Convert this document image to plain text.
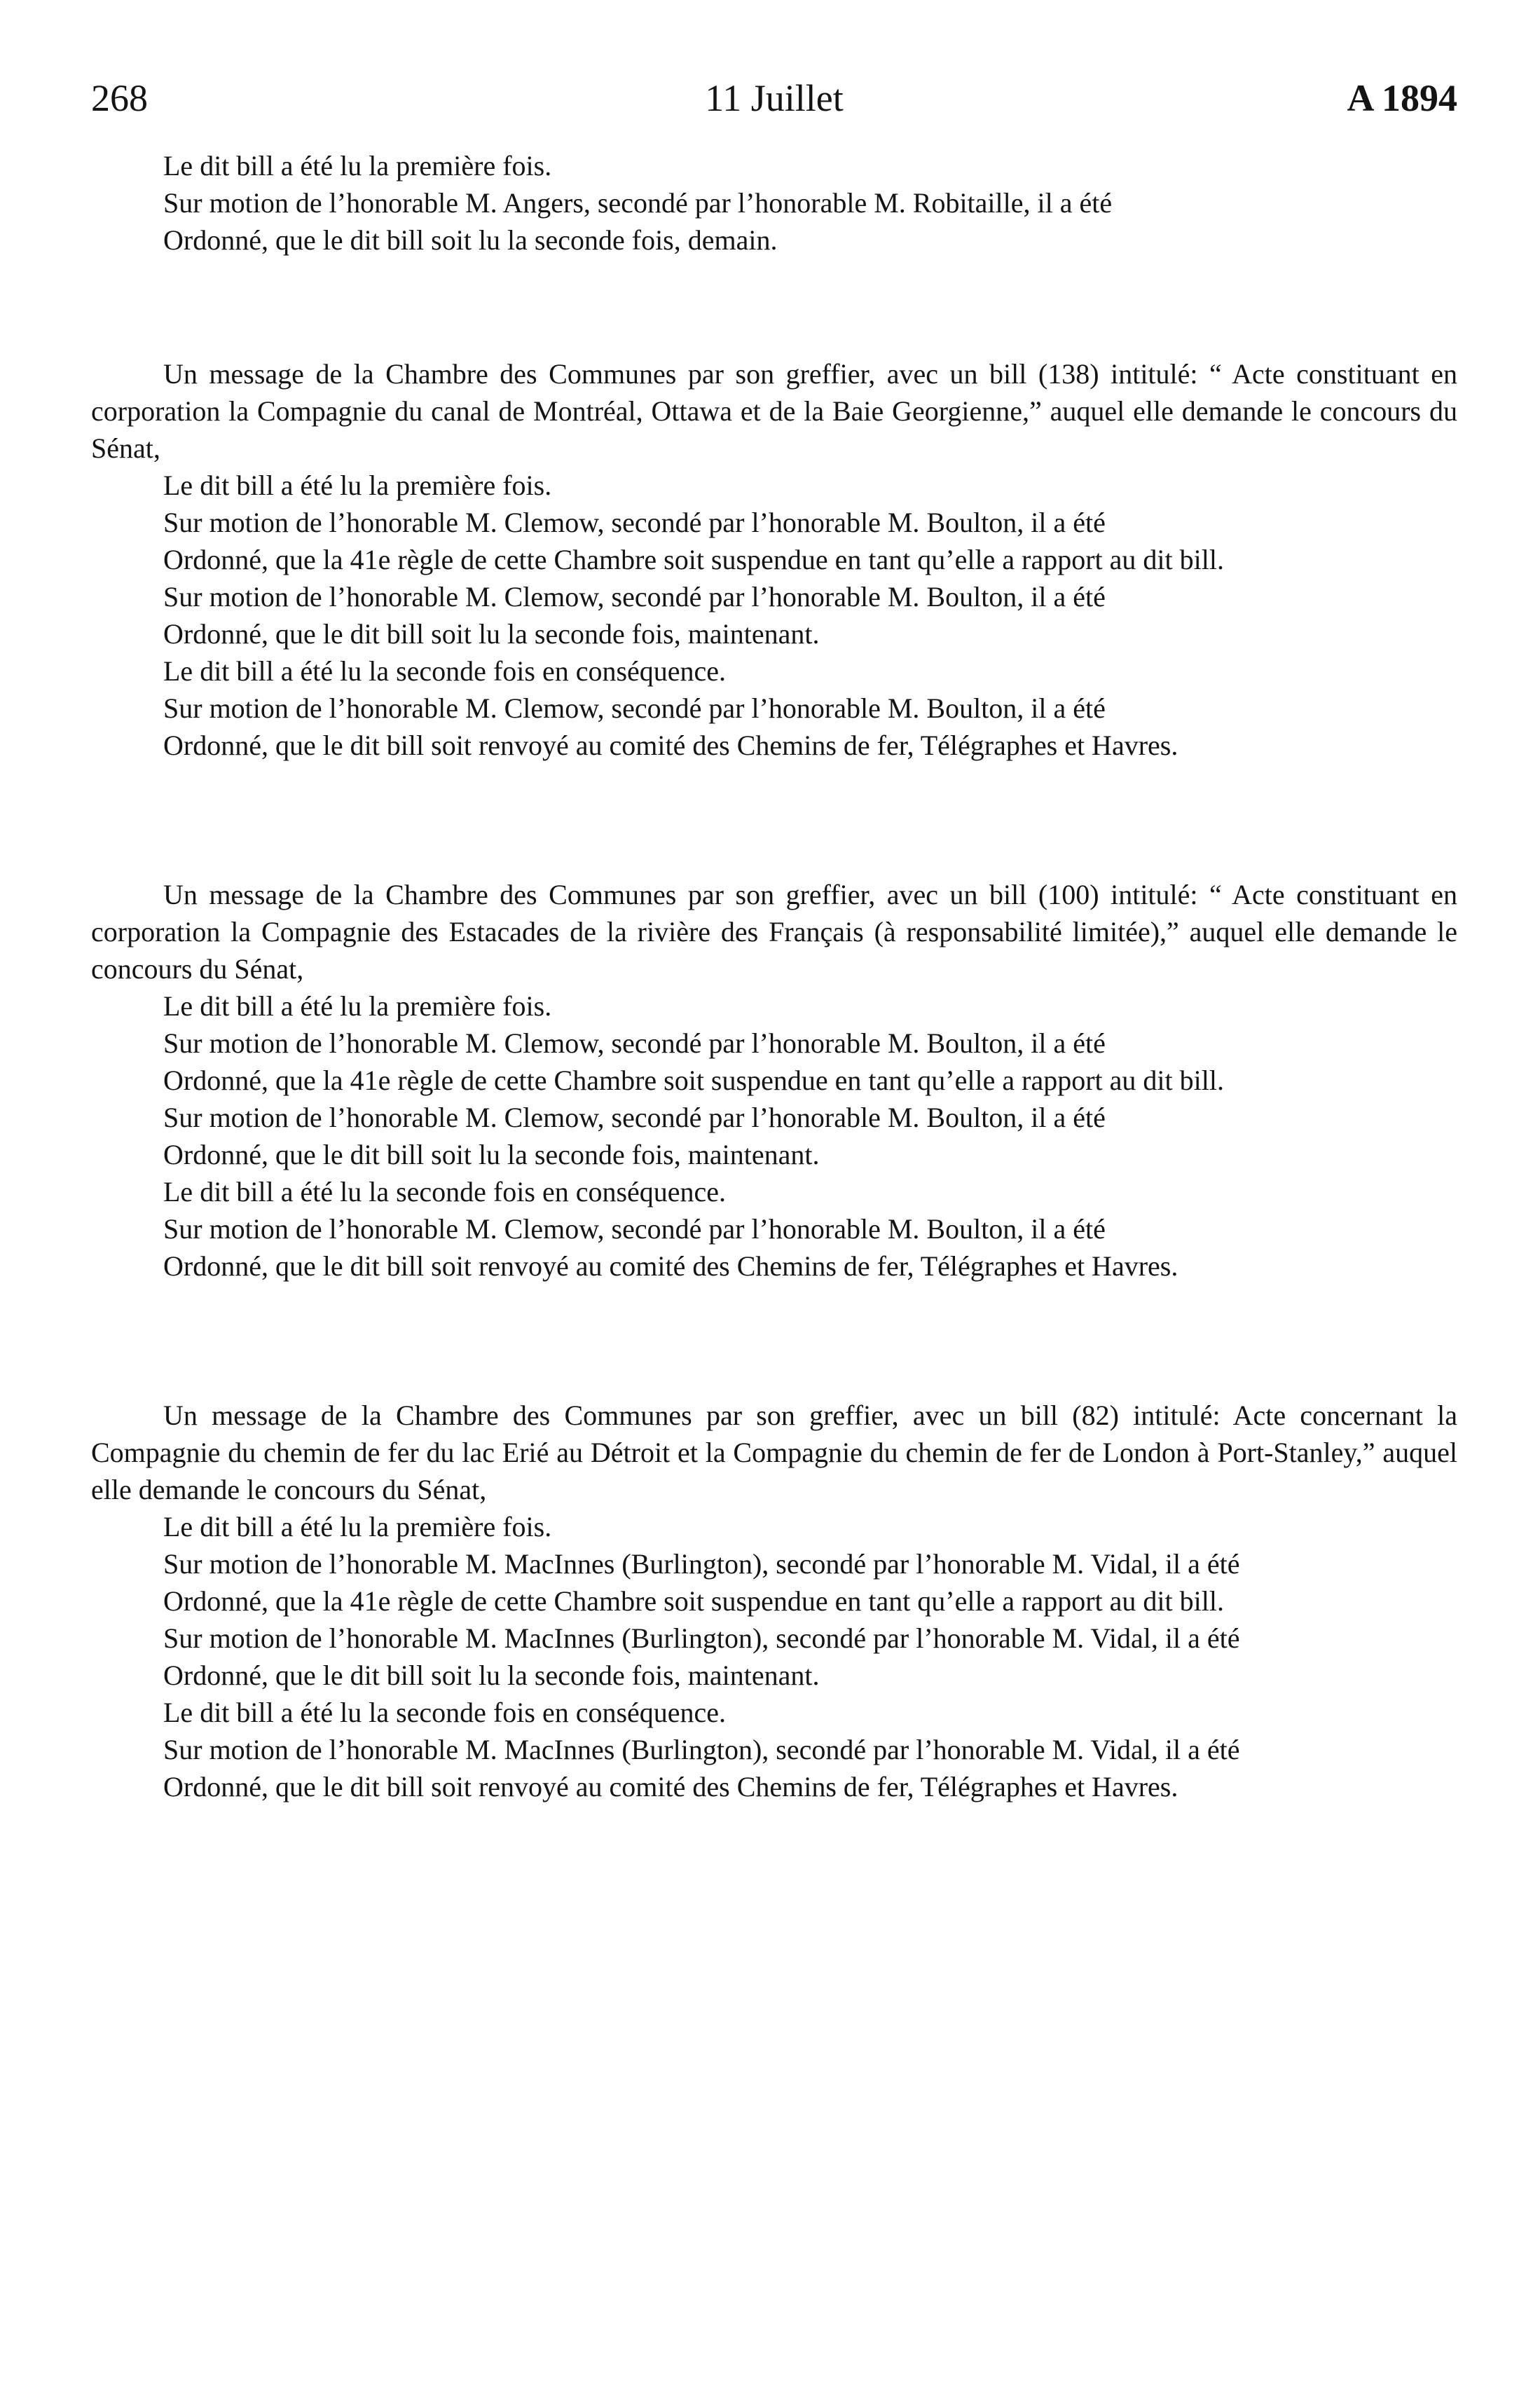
268	11 Juillet	A 1894

Le dit bill a été lu la première fois.

Sur motion de l’honorable M. Angers, secondé par l’honorable M. Robitaille, il a été

Ordonné, que le dit bill soit lu la seconde fois, demain.

Un message de la Chambre des Communes par son greffier, avec un bill (138) intitulé: “ Acte constituant en corporation la Compagnie du canal de Montréal, Ottawa et de la Baie Georgienne,” auquel elle demande le concours du Sénat,

Le dit bill a été lu la première fois.

Sur motion de l’honorable M. Clemow, secondé par l’honorable M. Boulton, il a été

Ordonné, que la 41e règle de cette Chambre soit suspendue en tant qu’elle a rapport au dit bill.

Sur motion de l’honorable M. Clemow, secondé par l’honorable M. Boulton, il a été

Ordonné, que le dit bill soit lu la seconde fois, maintenant.

Le dit bill a été lu la seconde fois en conséquence.

Sur motion de l’honorable M. Clemow, secondé par l’honorable M. Boulton, il a été

Ordonné, que le dit bill soit renvoyé au comité des Chemins de fer, Télégraphes et Havres.

Un message de la Chambre des Communes par son greffier, avec un bill (100) intitulé: “ Acte constituant en corporation la Compagnie des Estacades de la rivière des Français (à responsabilité limitée),” auquel elle demande le concours du Sénat,

Le dit bill a été lu la première fois.

Sur motion de l’honorable M. Clemow, secondé par l’honorable M. Boulton, il a été

Ordonné, que la 41e règle de cette Chambre soit suspendue en tant qu’elle a rapport au dit bill.

Sur motion de l’honorable M. Clemow, secondé par l’honorable M. Boulton, il a été

Ordonné, que le dit bill soit lu la seconde fois, maintenant.

Le dit bill a été lu la seconde fois en conséquence.

Sur motion de l’honorable M. Clemow, secondé par l’honorable M. Boulton, il a été

Ordonné, que le dit bill soit renvoyé au comité des Chemins de fer, Télégraphes et Havres.

Un message de la Chambre des Communes par son greffier, avec un bill (82) intitulé: Acte concernant la Compagnie du chemin de fer du lac Erié au Détroit et la Compagnie du chemin de fer de London à Port-Stanley,” auquel elle demande le concours du Sénat,

Le dit bill a été lu la première fois.

Sur motion de l’honorable M. MacInnes (Burlington), secondé par l’honorable M. Vidal, il a été

Ordonné, que la 41e règle de cette Chambre soit suspendue en tant qu’elle a rapport au dit bill.

Sur motion de l’honorable M. MacInnes (Burlington), secondé par l’honorable M. Vidal, il a été

Ordonné, que le dit bill soit lu la seconde fois, maintenant.

Le dit bill a été lu la seconde fois en conséquence.

Sur motion de l’honorable M. MacInnes (Burlington), secondé par l’honorable M. Vidal, il a été

Ordonné, que le dit bill soit renvoyé au comité des Chemins de fer, Télégraphes et Havres.
